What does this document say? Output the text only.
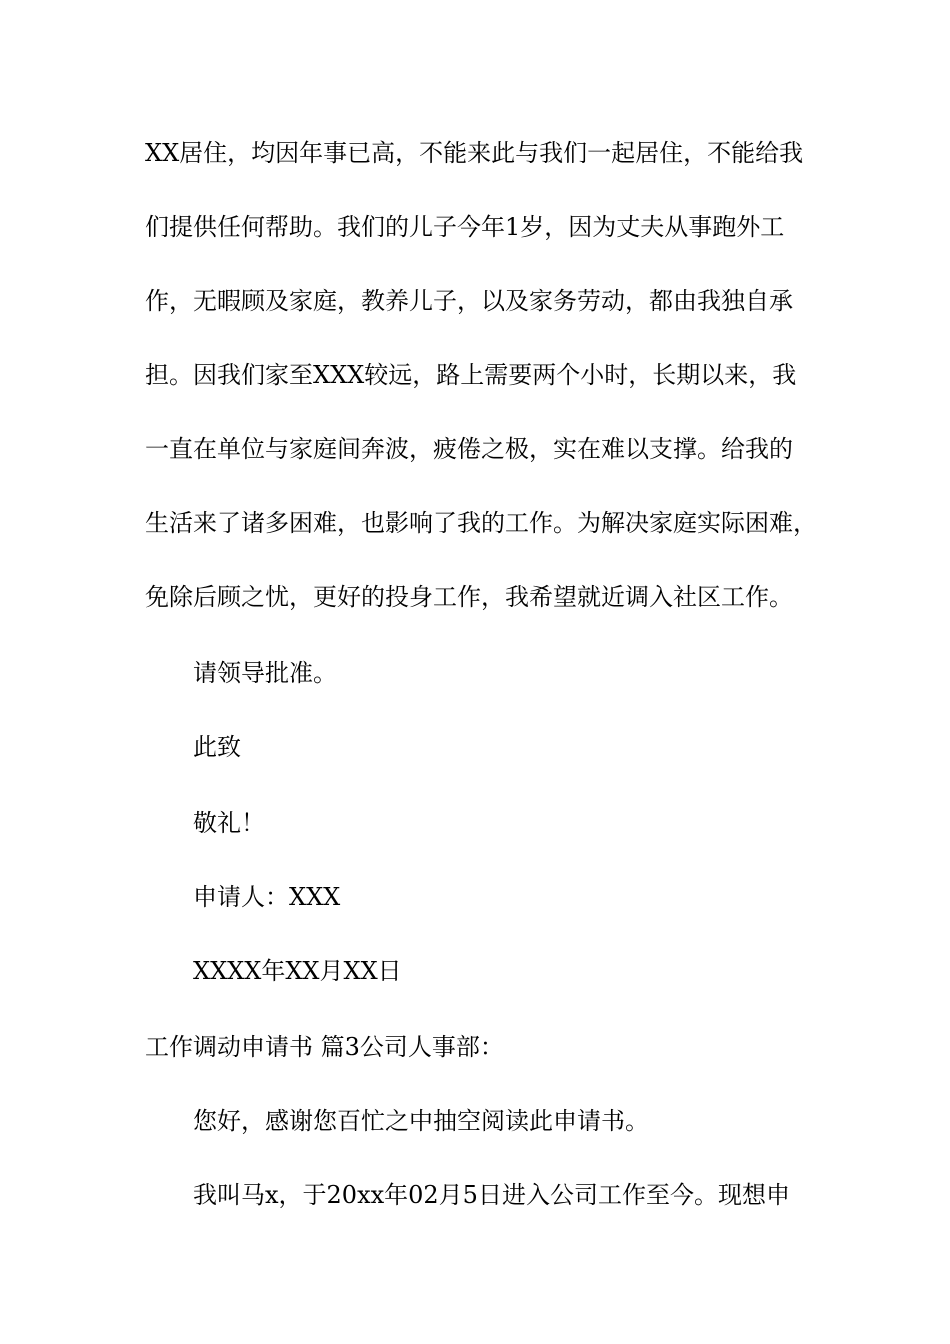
XX居住，均因年事已高，不能来此与我们一起居住，不能给我
们提供任何帮助。我们的儿子今年1岁，因为丈夫从事跑外工
作，无暇顾及家庭，教养儿子，以及家务劳动，都由我独自承
担。因我们家至XXX较远，路上需要两个小时，长期以来，我
一直在单位与家庭间奔波，疲倦之极，实在难以支撑。给我的
生活来了诸多困难，也影响了我的工作。为解决家庭实际困难，
免除后顾之忧，更好的投身工作，我希望就近调入社区工作。
请领导批准。
此致
敬礼！
申请人：XXX
XXXX年XX月XX日
工作调动申请书 篇3公司人事部：
您好，感谢您百忙之中抽空阅读此申请书。
我叫马x，于20xx年02月5日进入公司工作至今。现想申
